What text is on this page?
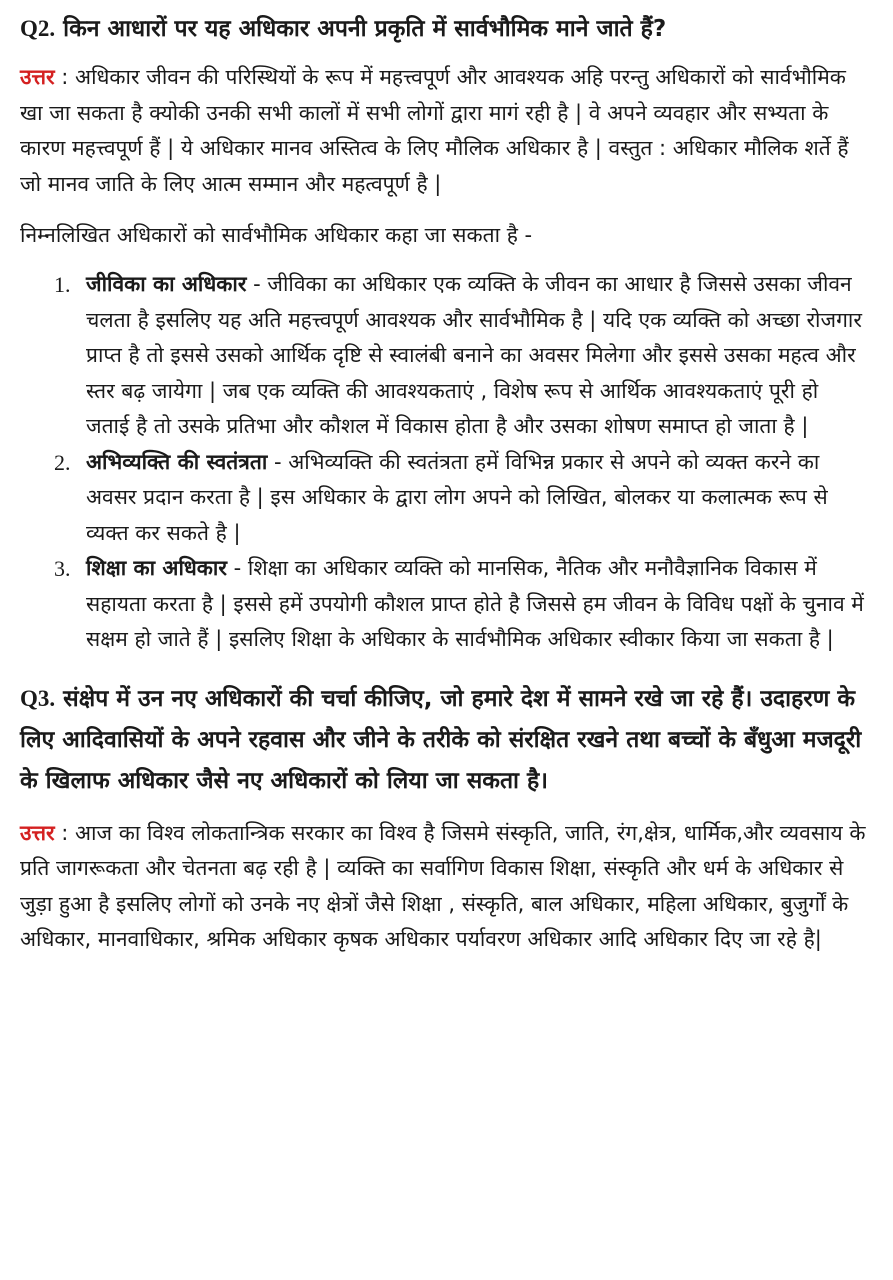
Q2. किन आधारों पर यह अधिकार अपनी प्रकृति में सार्वभौमिक माने जाते हैं?

उत्तर : अधिकार जीवन की परिस्थियों के रूप में महत्त्वपूर्ण और आवश्यक अहि परन्तु अधिकारों को सार्वभौमिक खा जा सकता है क्योकी उनकी सभी कालों में सभी लोगों द्वारा मागं रही है | वे अपने व्यवहार और सभ्यता के कारण महत्त्वपूर्ण हैं | ये अधिकार मानव अस्तित्व के लिए मौलिक अधिकार है | वस्तुत : अधिकार मौलिक शर्ते हैं जो मानव जाति के लिए आत्म सम्मान और महत्वपूर्ण है |

निम्नलिखित अधिकारों को सार्वभौमिक अधिकार कहा जा सकता है -

1. जीविका का अधिकार - जीविका का अधिकार एक व्यक्ति के जीवन का आधार है जिससे उसका जीवन चलता है इसलिए यह अति महत्त्वपूर्ण आवश्यक और सार्वभौमिक है | यदि एक व्यक्ति को अच्छा रोजगार प्राप्त है तो इससे उसको आर्थिक दृष्टि से स्वालंबी बनाने का अवसर मिलेगा और इससे उसका महत्व और स्तर बढ़ जायेगा | जब एक व्यक्ति की आवश्यकताएं , विशेष रूप से आर्थिक आवश्यकताएं पूरी हो जताई है तो उसके प्रतिभा और कौशल में विकास होता है और उसका शोषण समाप्त हो जाता है |
2. अभिव्यक्ति की स्वतंत्रता - अभिव्यक्ति की स्वतंत्रता हमें विभिन्न प्रकार से अपने को व्यक्त करने का अवसर प्रदान करता है | इस अधिकार के द्वारा लोग अपने को लिखित, बोलकर या कलात्मक रूप से व्यक्त कर सकते है |
3. शिक्षा का अधिकार - शिक्षा का अधिकार व्यक्ति को मानसिक, नैतिक और मनौवैज्ञानिक विकास में सहायता करता है | इससे हमें उपयोगी कौशल प्राप्त होते है जिससे हम जीवन के विविध पक्षों के चुनाव में सक्षम हो जाते हैं | इसलिए शिक्षा के अधिकार के सार्वभौमिक अधिकार स्वीकार किया जा सकता है |

Q3. संक्षेप में उन नए अधिकारों की चर्चा कीजिए, जो हमारे देश में सामने रखे जा रहे हैं। उदाहरण के लिए आदिवासियों के अपने रहवास और जीने के तरीके को संरक्षित रखने तथा बच्चों के बँधुआ मजदूरी के खिलाफ अधिकार जैसे नए अधिकारों को लिया जा सकता है।

उत्तर : आज का विश्व लोकतान्त्रिक सरकार का विश्व है जिसमे संस्कृति, जाति, रंग,क्षेत्र, धार्मिक,और व्यवसाय के प्रति जागरूकता और चेतनता बढ़ रही है | व्यक्ति का सर्वागिण विकास शिक्षा, संस्कृति और धर्म के अधिकार से जुड़ा हुआ है इसलिए लोगों को उनके नए क्षेत्रों जैसे शिक्षा , संस्कृति, बाल अधिकार, महिला अधिकार, बुजुर्गों के अधिकार, मानवाधिकार, श्रमिक अधिकार कृषक अधिकार पर्यावरण अधिकार आदि अधिकार दिए जा रहे है|
